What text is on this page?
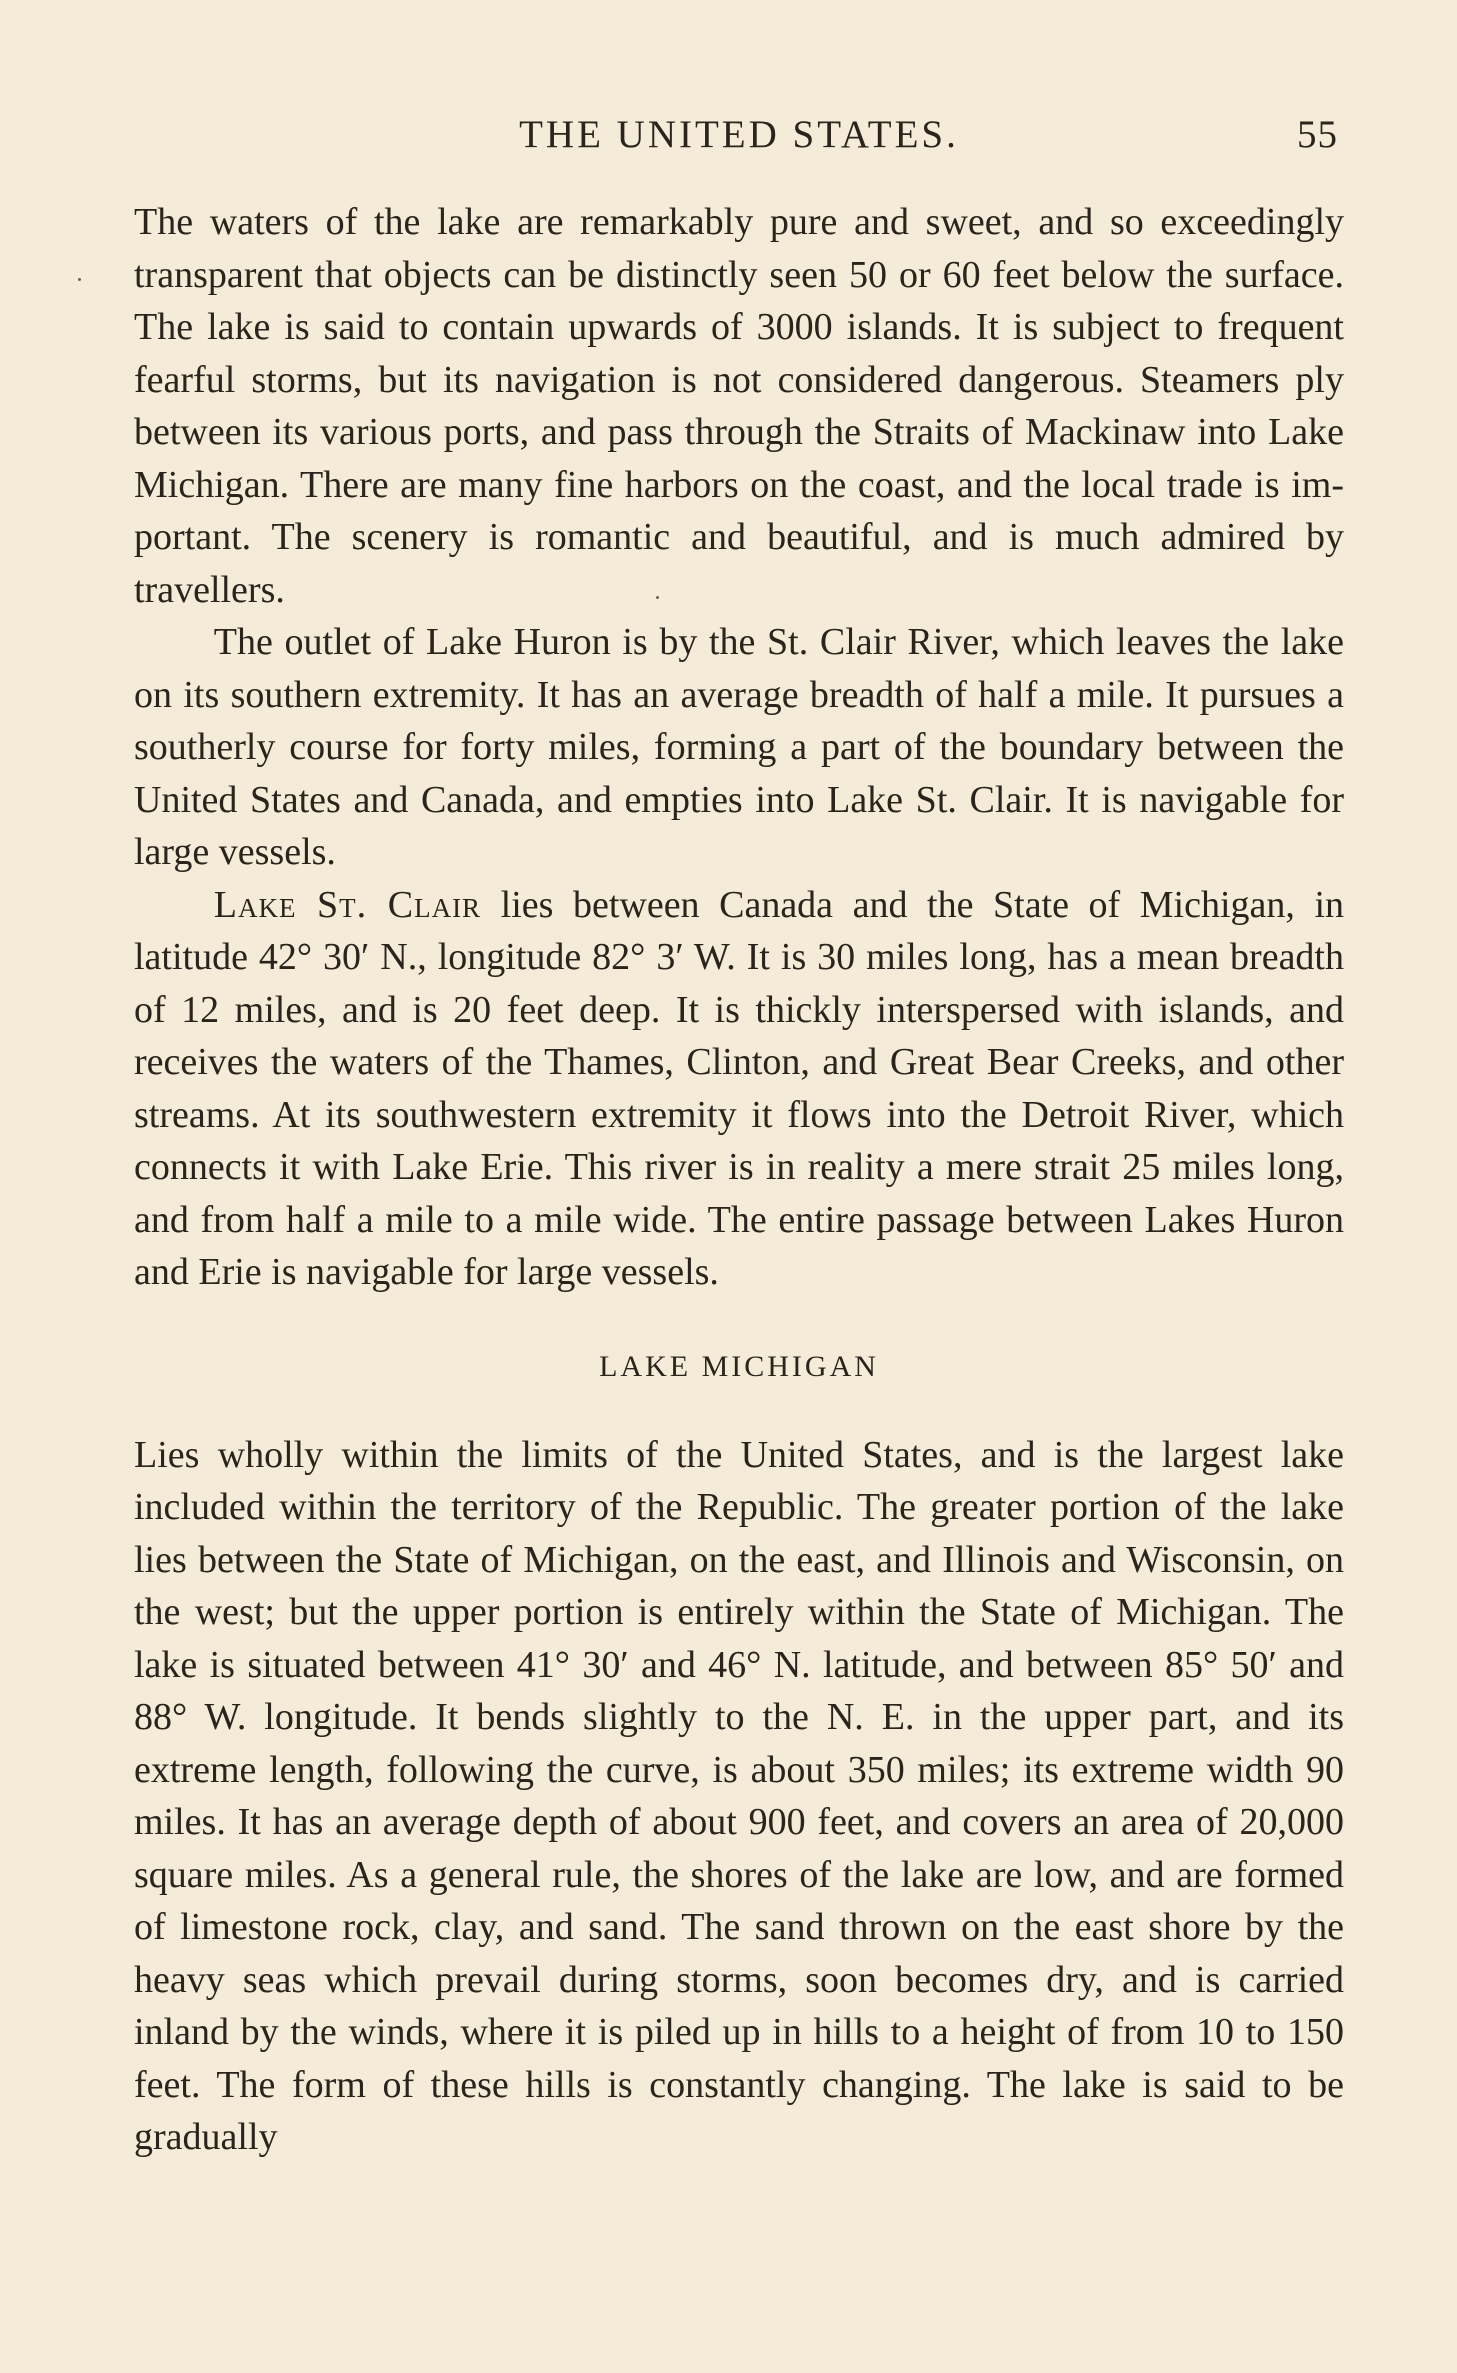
THE UNITED STATES.	55

The waters of the lake are remarkably pure and sweet, and so exceedingly transparent that objects can be distinctly seen 50 or 60 feet below the surface. The lake is said to contain upwards of 3000 islands. It is subject to frequent fearful storms, but its navigation is not considered dangerous. Steamers ply between its various ports, and pass through the Straits of Mackinaw into Lake Michigan. There are many fine harbors on the coast, and the local trade is important. The scenery is romantic and beautiful, and is much admired by travellers.

The outlet of Lake Huron is by the St. Clair River, which leaves the lake on its southern extremity. It has an average breadth of half a mile. It pursues a southerly course for forty miles, forming a part of the boundary between the United States and Canada, and empties into Lake St. Clair. It is navigable for large vessels.

Lake St. Clair lies between Canada and the State of Michigan, in latitude 42° 30′ N., longitude 82° 3′ W. It is 30 miles long, has a mean breadth of 12 miles, and is 20 feet deep. It is thickly interspersed with islands, and receives the waters of the Thames, Clinton, and Great Bear Creeks, and other streams. At its southwestern extremity it flows into the Detroit River, which connects it with Lake Erie. This river is in reality a mere strait 25 miles long, and from half a mile to a mile wide. The entire passage between Lakes Huron and Erie is navigable for large vessels.

LAKE MICHIGAN

Lies wholly within the limits of the United States, and is the largest lake included within the territory of the Republic. The greater portion of the lake lies between the State of Michigan, on the east, and Illinois and Wisconsin, on the west; but the upper portion is entirely within the State of Michigan. The lake is situated between 41° 30′ and 46° N. latitude, and between 85° 50′ and 88° W. longitude. It bends slightly to the N. E. in the upper part, and its extreme length, following the curve, is about 350 miles; its extreme width 90 miles. It has an average depth of about 900 feet, and covers an area of 20,000 square miles. As a general rule, the shores of the lake are low, and are formed of limestone rock, clay, and sand. The sand thrown on the east shore by the heavy seas which prevail during storms, soon becomes dry, and is carried inland by the winds, where it is piled up in hills to a height of from 10 to 150 feet. The form of these hills is constantly changing. The lake is said to be gradually
